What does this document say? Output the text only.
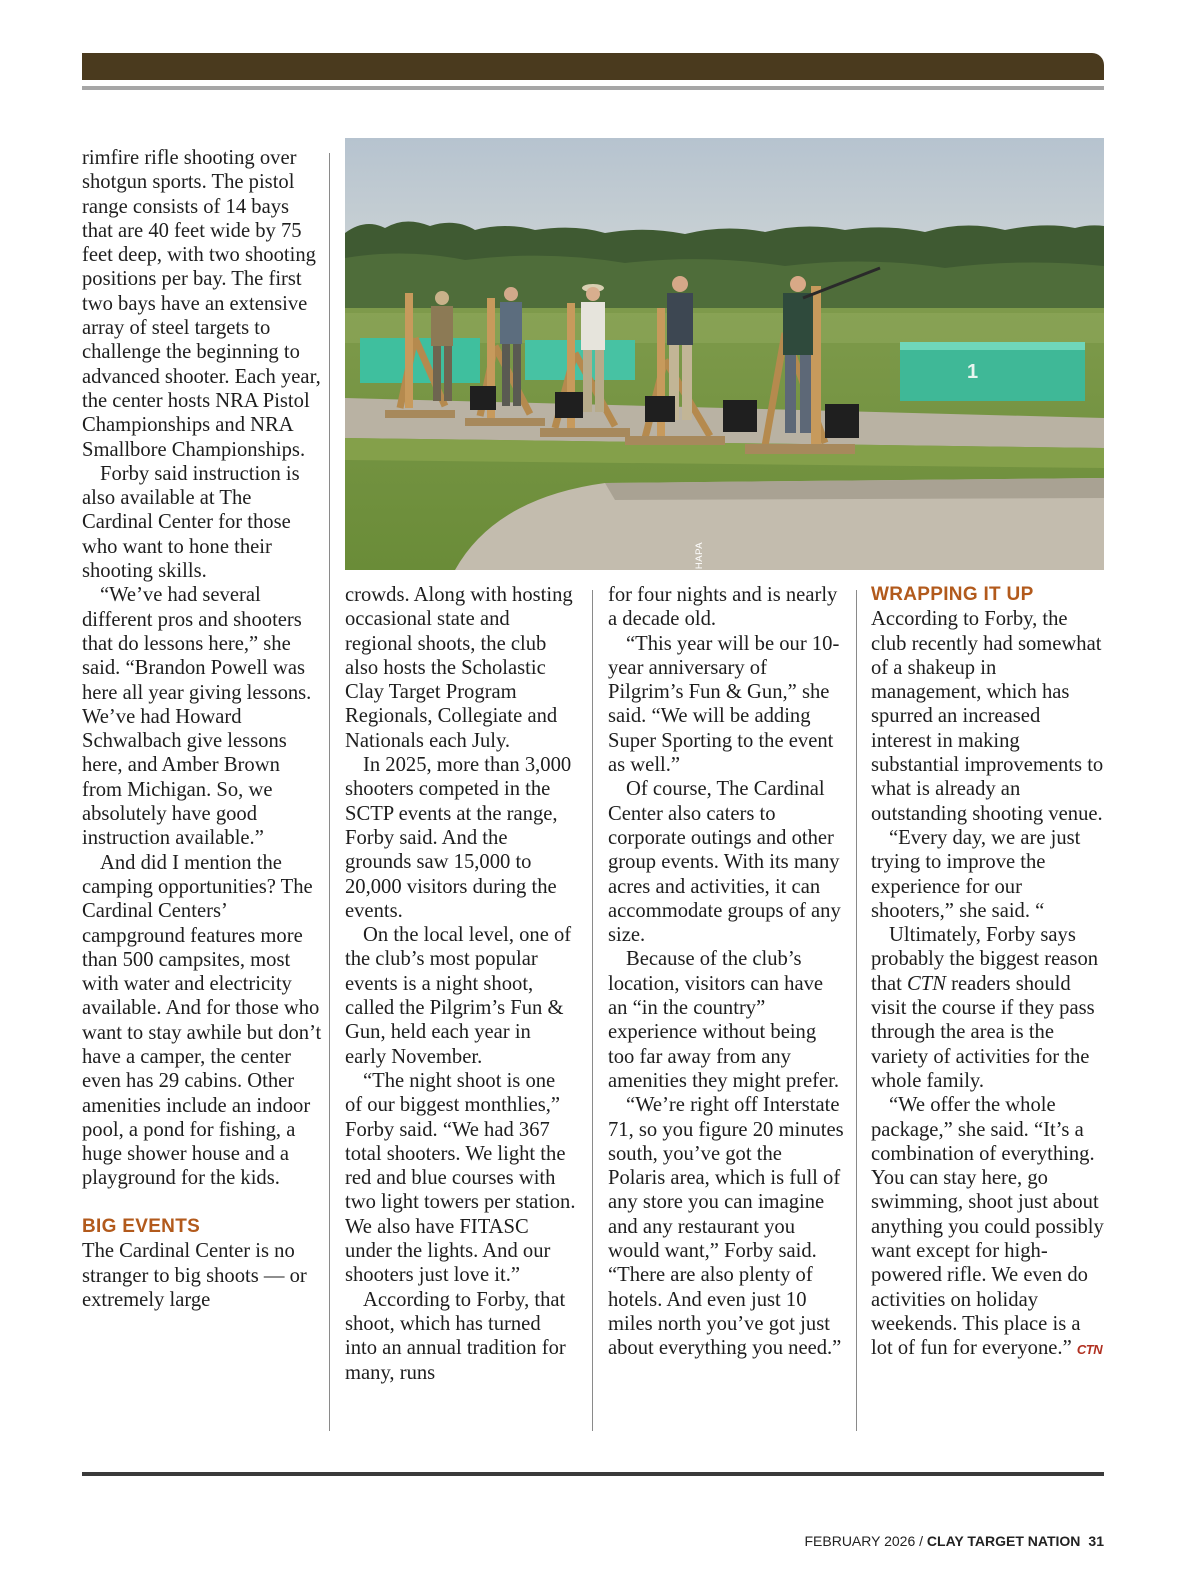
rimfire rifle shooting over shotgun sports. The pistol range consists of 14 bays that are 40 feet wide by 75 feet deep, with two shooting positions per bay. The first two bays have an extensive array of steel targets to challenge the beginning to advanced shooter. Each year, the center hosts NRA Pistol Championships and NRA Smallbore Championships.

Forby said instruction is also available at The Cardinal Center for those who want to hone their shooting skills.

“We’ve had several different pros and shooters that do lessons here,” she said. “Brandon Powell was here all year giving lessons. We’ve had Howard Schwalbach give lessons here, and Amber Brown from Michigan. So, we absolutely have good instruction available.”

And did I mention the camping opportunities? The Cardinal Centers’ campground features more than 500 campsites, most with water and electricity available. And for those who want to stay awhile but don’t have a camper, the center even has 29 cabins. Other amenities include an indoor pool, a pond for fishing, a huge shower house and a playground for the kids.

BIG EVENTS

The Cardinal Center is no stranger to big shoots — or extremely large

1
PHOTOS BY LEFTY BAYCHAPA

crowds. Along with hosting occasional state and regional shoots, the club also hosts the Scholastic Clay Target Program Regionals, Collegiate and Nationals each July.

In 2025, more than 3,000 shooters competed in the SCTP events at the range, Forby said. And the grounds saw 15,000 to 20,000 visitors during the events.

On the local level, one of the club’s most popular events is a night shoot, called the Pilgrim’s Fun & Gun, held each year in early November.

“The night shoot is one of our biggest monthlies,” Forby said. “We had 367 total shooters. We light the red and blue courses with two light towers per station. We also have FITASC under the lights. And our shooters just love it.”

According to Forby, that shoot, which has turned into an annual tradition for many, runs

for four nights and is nearly a decade old.

“This year will be our 10-year anniversary of Pilgrim’s Fun & Gun,” she said. “We will be adding Super Sporting to the event as well.”

Of course, The Cardinal Center also caters to corporate outings and other group events. With its many acres and activities, it can accommodate groups of any size.

Because of the club’s location, visitors can have an “in the country” experience without being too far away from any amenities they might prefer.

“We’re right off Interstate 71, so you figure 20 minutes south, you’ve got the Polaris area, which is full of any store you can imagine and any restaurant you would want,” Forby said. “There are also plenty of hotels. And even just 10 miles north you’ve got just about everything you need.”

WRAPPING IT UP

According to Forby, the club recently had somewhat of a shakeup in management, which has spurred an increased interest in making substantial improvements to what is already an outstanding shooting venue.

“Every day, we are just trying to improve the experience for our shooters,” she said. “

Ultimately, Forby says probably the biggest reason that CTN readers should visit the course if they pass through the area is the variety of activities for the whole family.

“We offer the whole package,” she said. “It’s a combination of everything. You can stay here, go swimming, shoot just about anything you could possibly want except for high-powered rifle. We even do activities on holiday weekends. This place is a lot of fun for everyone.” CTN

FEBRUARY 2026 / CLAY TARGET NATION 31
